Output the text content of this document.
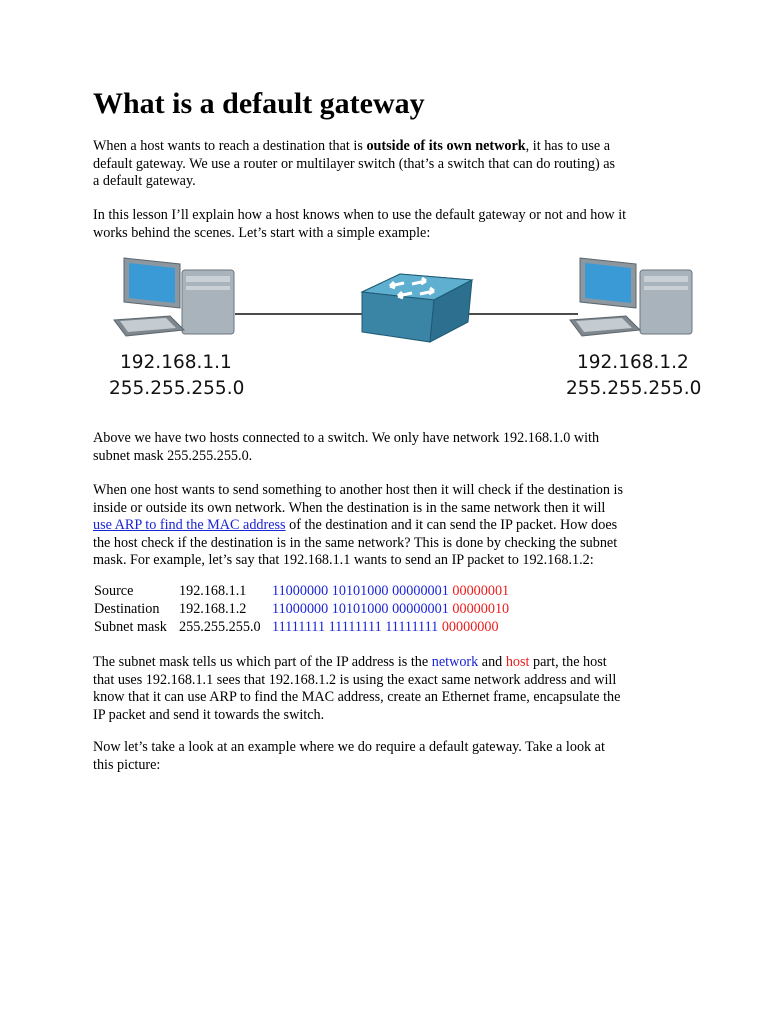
What is a default gateway

When a host wants to reach a destination that is outside of its own network, it has to use a
default gateway. We use a router or multilayer switch (that’s a switch that can do routing) as
a default gateway.

In this lesson I’ll explain how a host knows when to use the default gateway or not and how it
works behind the scenes. Let’s start with a simple example:

192.168.1.1
255.255.255.0
192.168.1.2
255.255.255.0

Above we have two hosts connected to a switch. We only have network 192.168.1.0 with
subnet mask 255.255.255.0.

When one host wants to send something to another host then it will check if the destination is
inside or outside its own network. When the destination is in the same network then it will
use ARP to find the MAC address of the destination and it can send the IP packet. How does
the host check if the destination is in the same network? This is done by checking the subnet
mask. For example, let’s say that 192.168.1.1 wants to send an IP packet to 192.168.1.2:

Source	192.168.1.1 11000000 10101000 00000001 00000001
Destination 192.168.1.2 11000000 10101000 00000001 00000010
Subnet mask 255.255.255.0 11111111 11111111 11111111 00000000

The subnet mask tells us which part of the IP address is the network and host part, the host
that uses 192.168.1.1 sees that 192.168.1.2 is using the exact same network address and will
know that it can use ARP to find the MAC address, create an Ethernet frame, encapsulate the
IP packet and send it towards the switch.

Now let’s take a look at an example where we do require a default gateway. Take a look at
this picture:
